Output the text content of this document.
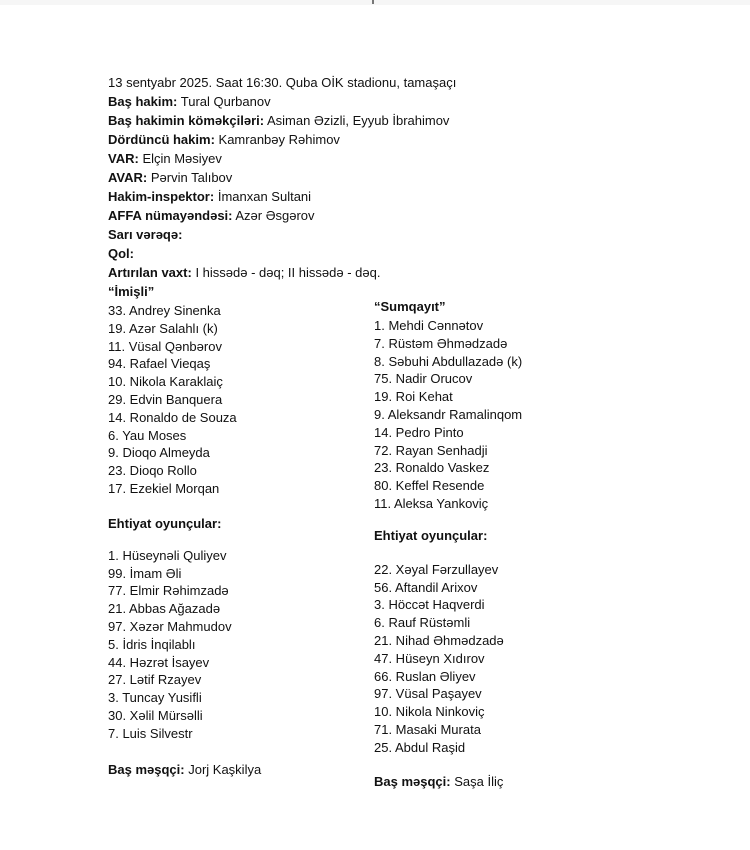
13 sentyabr 2025. Saat 16:30. Quba OİK stadionu, tamaşaçı
Baş hakim: Tural Qurbanov
Baş hakimin köməkçiləri: Asiman Əzizli, Eyyub İbrahimov
Dördüncü hakim: Kamranbəy Rəhimov
VAR: Elçin Məsiyev
AVAR: Pərvin Talıbov
Hakim-inspektor: İmanxan Sultani
AFFA nümayəndəsi: Azər Əsgərov
Sarı vərəqə:
Qol:
Artırılan vaxt: I hissədə - dəq; II hissədə - dəq.
“İmişli”
33. Andrey Sinenka
19. Azər Salahlı (k)
11. Vüsal Qənbərov
94. Rafael Vieqaş
10. Nikola Karaklaiç
29. Edvin Banquera
14. Ronaldo de Souza
6. Yau Moses
9. Dioqo Almeyda
23. Dioqo Rollo
17. Ezekiel Morqan
Ehtiyat oyunçular:
1. Hüseynəli Quliyev
99. İmam Əli
77. Elmir Rəhimzadə
21. Abbas Ağazadə
97. Xəzər Mahmudov
5. İdris İnqilablı
44. Həzrət İsayev
27. Lətif Rzayev
3. Tuncay Yusifli
30. Xəlil Mürsəlli
7. Luis Silvestr
Baş məşqçi: Jorj Kaşkilya
“Sumqayıt”
1. Mehdi Cənnətov
7. Rüstəm Əhmədzadə
8. Səbuhi Abdullazadə (k)
75. Nadir Orucov
19. Roi Kehat
9. Aleksandr Ramalinqom
14. Pedro Pinto
72. Rayan Senhadji
23. Ronaldo Vaskez
80. Keffel Resende
11. Aleksa Yankoviç
Ehtiyat oyunçular:
22. Xəyal Fərzullayev
56. Aftandil Arixov
3. Höccət Haqverdi
6. Rauf Rüstəmli
21. Nihad Əhmədzadə
47. Hüseyn Xıdırov
66. Ruslan Əliyev
97. Vüsal Paşayev
10. Nikola Ninkoviç
71. Masaki Murata
25. Abdul Raşid
Baş məşqçi: Saşa İliç
